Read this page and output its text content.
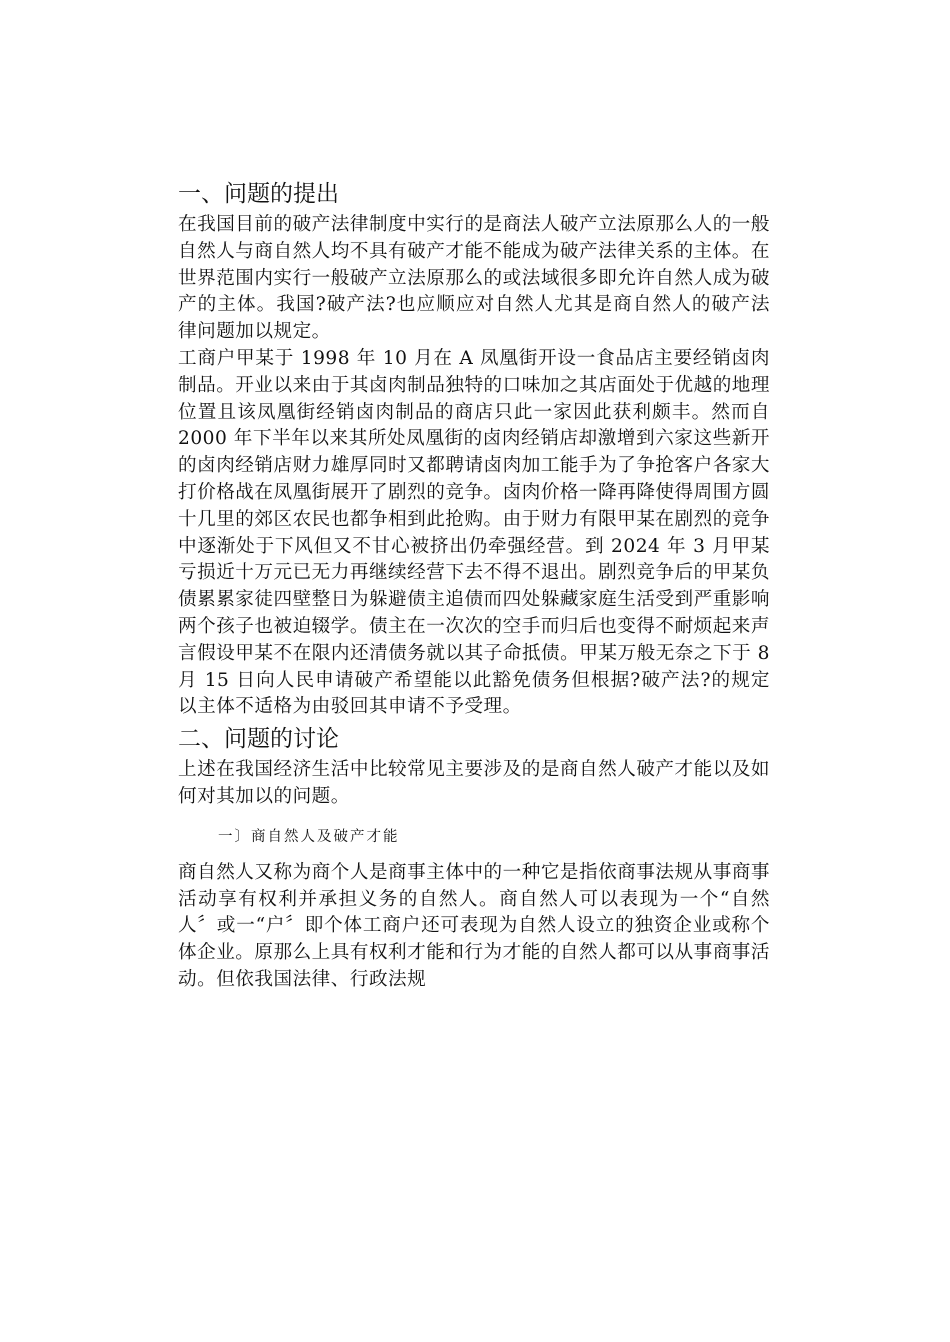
一、问题的提出

在我国目前的破产法律制度中实行的是商法人破产立法原那么人的一般自然人与商自然人均不具有破产才能不能成为破产法律关系的主体。在世界范围内实行一般破产立法原那么的或法域很多即允许自然人成为破产的主体。我国?破产法?也应顺应对自然人尤其是商自然人的破产法律问题加以规定。

工商户甲某于 1998 年 10 月在 A 凤凰街开设一食品店主要经销卤肉制品。开业以来由于其卤肉制品独特的口味加之其店面处于优越的地理位置且该凤凰街经销卤肉制品的商店只此一家因此获利颇丰。然而自 2000 年下半年以来其所处凤凰街的卤肉经销店却激增到六家这些新开的卤肉经销店财力雄厚同时又都聘请卤肉加工能手为了争抢客户各家大打价格战在凤凰街展开了剧烈的竞争。卤肉价格一降再降使得周围方圆十几里的郊区农民也都争相到此抢购。由于财力有限甲某在剧烈的竞争中逐渐处于下风但又不甘心被挤出仍牵强经营。到 2024 年 3 月甲某亏损近十万元已无力再继续经营下去不得不退出。剧烈竞争后的甲某负债累累家徒四壁整日为躲避债主追债而四处躲藏家庭生活受到严重影响两个孩子也被迫辍学。债主在一次次的空手而归后也变得不耐烦起来声言假设甲某不在限内还清债务就以其子命抵债。甲某万般无奈之下于 8 月 15 日向人民申请破产希望能以此豁免债务但根据?破产法?的规定以主体不适格为由驳回其申请不予受理。

二、问题的讨论

上述在我国经济生活中比较常见主要涉及的是商自然人破产才能以及如何对其加以的问题。

一〕商自然人及破产才能

商自然人又称为商个人是商事主体中的一种它是指依商事法规从事商事活动享有权利并承担义务的自然人。商自然人可以表现为一个“自然人〞或一“户〞即个体工商户还可表现为自然人设立的独资企业或称个体企业。原那么上具有权利才能和行为才能的自然人都可以从事商事活动。但依我国法律、行政法规
